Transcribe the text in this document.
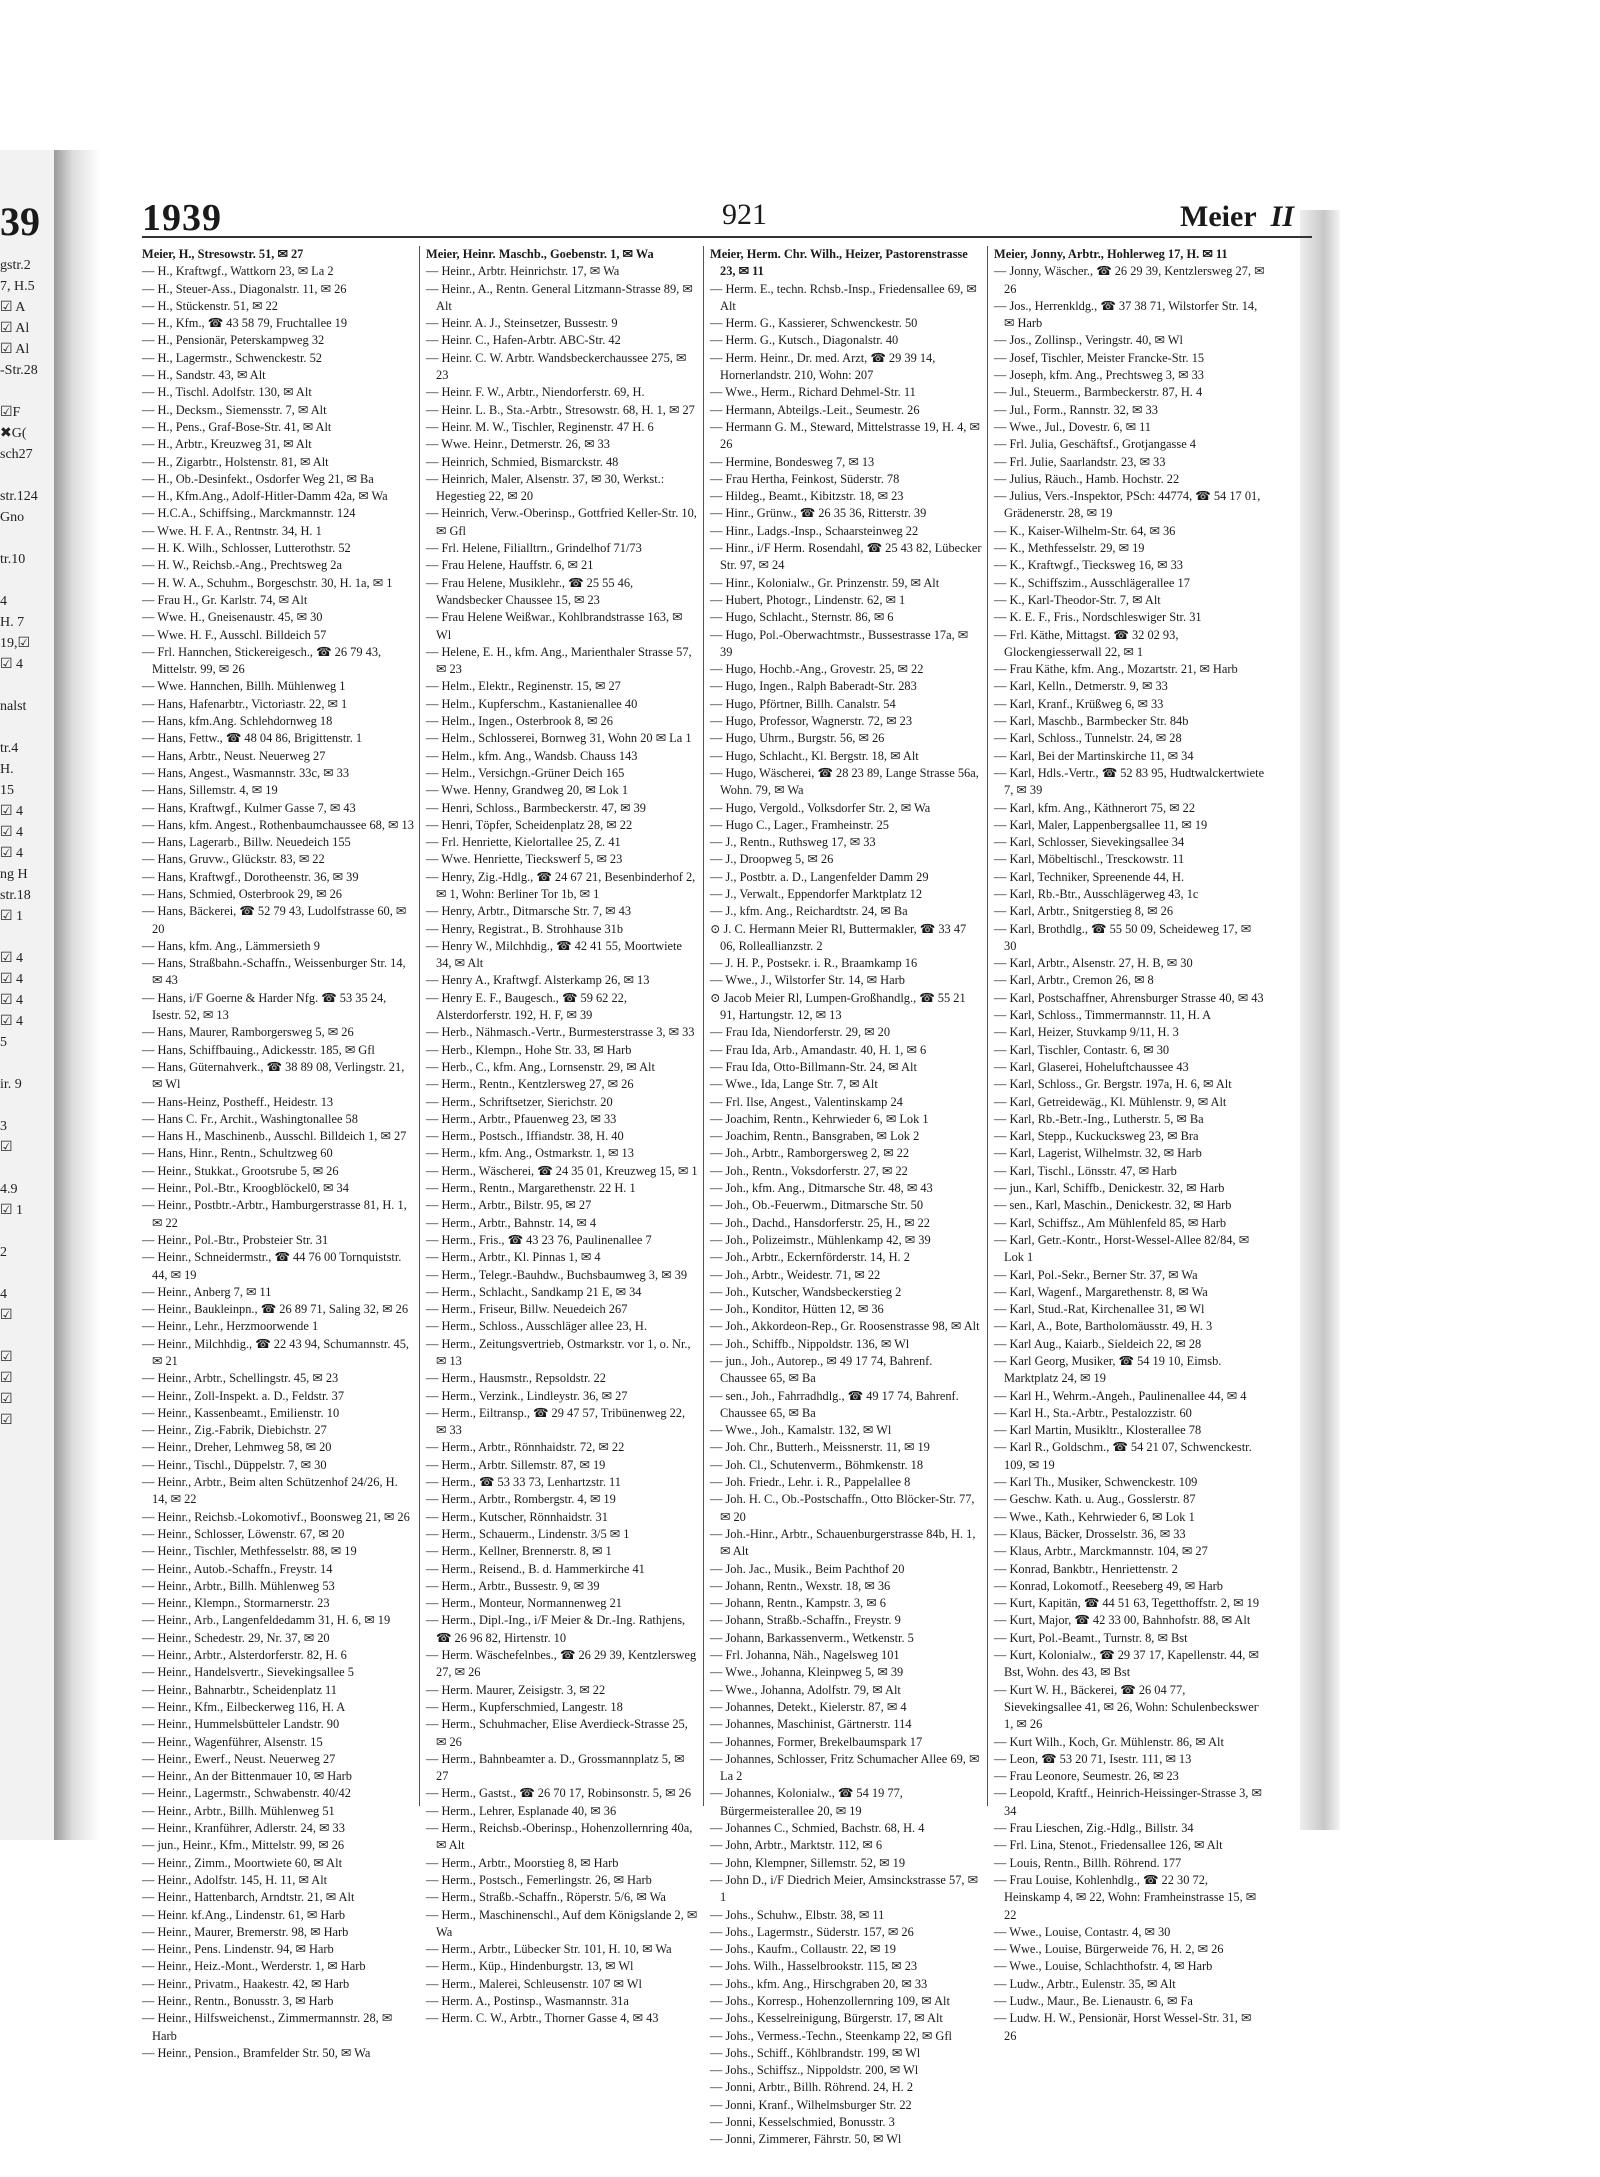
39
gstr.2
7, H.5
☑ A
☑ Al
☑ Al
-Str.28

☑F
✖G(
sch27

str.124
Gno

tr.10

4
H. 7
19,☑
☑ 4

nalst

tr.4
H.
15
☑ 4
☑ 4
☑ 4
ng H
str.18
☑ 1

☑ 4
☑ 4
☑ 4
☑ 4
5

ir. 9

3
☑

4.9
☑ 1

2

4
☑

☑
☑
☑
☑
1939	921	Meier II

Meier, H., Stresowstr. 51, ✉ 27

— H., Kraftwgf., Wattkorn 23, ✉ La 2

— H., Steuer-Ass., Diagonalstr. 11, ✉ 26

— H., Stückenstr. 51, ✉ 22

— H., Kfm., ☎ 43 58 79, Fruchtallee 19

— H., Pensionär, Peterskampweg 32

— H., Lagermstr., Schwenckestr. 52

— H., Sandstr. 43, ✉ Alt

— H., Tischl. Adolfstr. 130, ✉ Alt

— H., Decksm., Siemensstr. 7, ✉ Alt

— H., Pens., Graf-Bose-Str. 41, ✉ Alt

— H., Arbtr., Kreuzweg 31, ✉ Alt

— H., Zigarbtr., Holstenstr. 81, ✉ Alt

— H., Ob.-Desinfekt., Osdorfer Weg 21, ✉ Ba

— H., Kfm.Ang., Adolf-Hitler-Damm 42a, ✉ Wa

— H.C.A., Schiffsing., Marckmannstr. 124

— Wwe. H. F. A., Rentnstr. 34, H. 1

— H. K. Wilh., Schlosser, Lutterothstr. 52

— H. W., Reichsb.-Ang., Prechtsweg 2a

— H. W. A., Schuhm., Borgeschstr. 30, H. 1a, ✉ 1

— Frau H., Gr. Karlstr. 74, ✉ Alt

— Wwe. H., Gneisenaustr. 45, ✉ 30

— Wwe. H. F., Ausschl. Billdeich 57

— Frl. Hannchen, Stickereigesch., ☎ 26 79 43, Mittelstr. 99, ✉ 26

— Wwe. Hannchen, Billh. Mühlenweg 1

— Hans, Hafenarbtr., Victoriastr. 22, ✉ 1

— Hans, kfm.Ang. Schlehdornweg 18

— Hans, Fettw., ☎ 48 04 86, Brigittenstr. 1

— Hans, Arbtr., Neust. Neuerweg 27

— Hans, Angest., Wasmannstr. 33c, ✉ 33

— Hans, Sillemstr. 4, ✉ 19

— Hans, Kraftwgf., Kulmer Gasse 7, ✉ 43

— Hans, kfm. Angest., Rothenbaumchaussee 68, ✉ 13

— Hans, Lagerarb., Billw. Neuedeich 155

— Hans, Gruvw., Glückstr. 83, ✉ 22

— Hans, Kraftwgf., Dorotheenstr. 36, ✉ 39

— Hans, Schmied, Osterbrook 29, ✉ 26

— Hans, Bäckerei, ☎ 52 79 43, Ludolfstrasse 60, ✉ 20

— Hans, kfm. Ang., Lämmersieth 9

— Hans, Straßbahn.-Schaffn., Weissenburger Str. 14, ✉ 43

— Hans, i/F Goerne & Harder Nfg. ☎ 53 35 24, Isestr. 52, ✉ 13

— Hans, Maurer, Ramborgersweg 5, ✉ 26

— Hans, Schiffbauing., Adickesstr. 185, ✉ Gfl

— Hans, Güternahverk., ☎ 38 89 08, Verlingstr. 21, ✉ Wl

— Hans-Heinz, Postheff., Heidestr. 13

— Hans C. Fr., Archit., Washingtonallee 58

— Hans H., Maschinenb., Ausschl. Billdeich 1, ✉ 27

— Hans, Hinr., Rentn., Schultzweg 60

— Heinr., Stukkat., Grootsrube 5, ✉ 26

— Heinr., Pol.-Btr., Kroogblöckel0, ✉ 34

— Heinr., Postbtr.-Arbtr., Hamburgerstrasse 81, H. 1, ✉ 22

— Heinr., Pol.-Btr., Probsteier Str. 31

— Heinr., Schneidermstr., ☎ 44 76 00 Tornquiststr. 44, ✉ 19

— Heinr., Anberg 7, ✉ 11

— Heinr., Baukleinpn., ☎ 26 89 71, Saling 32, ✉ 26

— Heinr., Lehr., Herzmoorwende 1

— Heinr., Milchhdig., ☎ 22 43 94, Schumannstr. 45, ✉ 21

— Heinr., Arbtr., Schellingstr. 45, ✉ 23

— Heinr., Zoll-Inspekt. a. D., Feldstr. 37

— Heinr., Kassenbeamt., Emilienstr. 10

— Heinr., Zig.-Fabrik, Diebichstr. 27

— Heinr., Dreher, Lehmweg 58, ✉ 20

— Heinr., Tischl., Düppelstr. 7, ✉ 30

— Heinr., Arbtr., Beim alten Schützenhof 24/26, H. 14, ✉ 22

— Heinr., Reichsb.-Lokomotivf., Boonsweg 21, ✉ 26

— Heinr., Schlosser, Löwenstr. 67, ✉ 20

— Heinr., Tischler, Methfesselstr. 88, ✉ 19

— Heinr., Autob.-Schaffn., Freystr. 14

— Heinr., Arbtr., Billh. Mühlenweg 53

— Heinr., Klempn., Stormarnerstr. 23

— Heinr., Arb., Langenfeldedamm 31, H. 6, ✉ 19

— Heinr., Schedestr. 29, Nr. 37, ✉ 20

— Heinr., Arbtr., Alsterdorferstr. 82, H. 6

— Heinr., Handelsvertr., Sievekingsallee 5

— Heinr., Bahnarbtr., Scheidenplatz 11

— Heinr., Kfm., Eilbeckerweg 116, H. A

— Heinr., Hummelsbütteler Landstr. 90

— Heinr., Wagenführer, Alsenstr. 15

— Heinr., Ewerf., Neust. Neuerweg 27

— Heinr., An der Bittenmauer 10, ✉ Harb

— Heinr., Lagermstr., Schwabenstr. 40/42

— Heinr., Arbtr., Billh. Mühlenweg 51

— Heinr., Kranführer, Adlerstr. 24, ✉ 33

— jun., Heinr., Kfm., Mittelstr. 99, ✉ 26

— Heinr., Zimm., Moortwiete 60, ✉ Alt

— Heinr., Adolfstr. 145, H. 11, ✉ Alt

— Heinr., Hattenbarch, Arndtstr. 21, ✉ Alt

— Heinr. kf.Ang., Lindenstr. 61, ✉ Harb

— Heinr., Maurer, Bremerstr. 98, ✉ Harb

— Heinr., Pens. Lindenstr. 94, ✉ Harb

— Heinr., Heiz.-Mont., Werderstr. 1, ✉ Harb

— Heinr., Privatm., Haakestr. 42, ✉ Harb

— Heinr., Rentn., Bonusstr. 3, ✉ Harb

— Heinr., Hilfsweichenst., Zimmermannstr. 28, ✉ Harb

— Heinr., Pension., Bramfelder Str. 50, ✉ Wa

Meier, Heinr. Maschb., Goebenstr. 1, ✉ Wa

— Heinr., Arbtr. Heinrichstr. 17, ✉ Wa

— Heinr., A., Rentn. General Litzmann-Strasse 89, ✉ Alt

— Heinr. A. J., Steinsetzer, Bussestr. 9

— Heinr. C., Hafen-Arbtr. ABC-Str. 42

— Heinr. C. W. Arbtr. Wandsbeckerchaussee 275, ✉ 23

— Heinr. F. W., Arbtr., Niendorferstr. 69, H.

— Heinr. L. B., Sta.-Arbtr., Stresowstr. 68, H. 1, ✉ 27

— Heinr. M. W., Tischler, Reginenstr. 47 H. 6

— Wwe. Heinr., Detmerstr. 26, ✉ 33

— Heinrich, Schmied, Bismarckstr. 48

— Heinrich, Maler, Alsenstr. 37, ✉ 30, Werkst.: Hegestieg 22, ✉ 20

— Heinrich, Verw.-Oberinsp., Gottfried Keller-Str. 10, ✉ Gfl

— Frl. Helene, Filialltrn., Grindelhof 71/73

— Frau Helene, Hauffstr. 6, ✉ 21

— Frau Helene, Musiklehr., ☎ 25 55 46, Wandsbecker Chaussee 15, ✉ 23

— Frau Helene Weißwar., Kohlbrandstrasse 163, ✉ Wl

— Helene, E. H., kfm. Ang., Marienthaler Strasse 57, ✉ 23

— Helm., Elektr., Reginenstr. 15, ✉ 27

— Helm., Kupferschm., Kastanienallee 40

— Helm., Ingen., Osterbrook 8, ✉ 26

— Helm., Schlosserei, Bornweg 31, Wohn 20 ✉ La 1

— Helm., kfm. Ang., Wandsb. Chauss 143

— Helm., Versichgn.-Grüner Deich 165

— Wwe. Henny, Grandweg 20, ✉ Lok 1

— Henri, Schloss., Barmbeckerstr. 47, ✉ 39

— Henri, Töpfer, Scheidenplatz 28, ✉ 22

— Frl. Henriette, Kielortallee 25, Z. 41

— Wwe. Henriette, Tieckswerf 5, ✉ 23

— Henry, Zig.-Hdlg., ☎ 24 67 21, Besenbinderhof 2, ✉ 1, Wohn: Berliner Tor 1b, ✉ 1

— Henry, Arbtr., Ditmarsche Str. 7, ✉ 43

— Henry, Registrat., B. Strohhause 31b

— Henry W., Milchhdig., ☎ 42 41 55, Moortwiete 34, ✉ Alt

— Henry A., Kraftwgf. Alsterkamp 26, ✉ 13

— Henry E. F., Baugesch., ☎ 59 62 22, Alsterdorferstr. 192, H. F, ✉ 39

— Herb., Nähmasch.-Vertr., Burmesterstrasse 3, ✉ 33

— Herb., Klempn., Hohe Str. 33, ✉ Harb

— Herb., C., kfm. Ang., Lornsenstr. 29, ✉ Alt

— Herm., Rentn., Kentzlersweg 27, ✉ 26

— Herm., Schriftsetzer, Sierichstr. 20

— Herm., Arbtr., Pfauenweg 23, ✉ 33

— Herm., Postsch., Iffiandstr. 38, H. 40

— Herm., kfm. Ang., Ostmarkstr. 1, ✉ 13

— Herm., Wäscherei, ☎ 24 35 01, Kreuzweg 15, ✉ 1

— Herm., Rentn., Margarethenstr. 22 H. 1

— Herm., Arbtr., Bilstr. 95, ✉ 27

— Herm., Arbtr., Bahnstr. 14, ✉ 4

— Herm., Fris., ☎ 43 23 76, Paulinenallee 7

— Herm., Arbtr., Kl. Pinnas 1, ✉ 4

— Herm., Telegr.-Bauhdw., Buchsbaumweg 3, ✉ 39

— Herm., Schlacht., Sandkamp 21 E, ✉ 34

— Herm., Friseur, Billw. Neuedeich 267

— Herm., Schloss., Ausschläger allee 23, H.

— Herm., Zeitungsvertrieb, Ostmarkstr. vor 1, o. Nr., ✉ 13

— Herm., Hausmstr., Repsoldstr. 22

— Herm., Verzink., Lindleystr. 36, ✉ 27

— Herm., Eiltransp., ☎ 29 47 57, Tribünenweg 22, ✉ 33

— Herm., Arbtr., Rönnhaidstr. 72, ✉ 22

— Herm., Arbtr. Sillemstr. 87, ✉ 19

— Herm., ☎ 53 33 73, Lenhartzstr. 11

— Herm., Arbtr., Rombergstr. 4, ✉ 19

— Herm., Kutscher, Rönnhaidstr. 31

— Herm., Schauerm., Lindenstr. 3/5 ✉ 1

— Herm., Kellner, Brennerstr. 8, ✉ 1

— Herm., Reisend., B. d. Hammerkirche 41

— Herm., Arbtr., Bussestr. 9, ✉ 39

— Herm., Monteur, Normannenweg 21

— Herm., Dipl.-Ing., i/F Meier & Dr.-Ing. Rathjens, ☎ 26 96 82, Hirtenstr. 10

— Herm. Wäschefelnbes., ☎ 26 29 39, Kentzlersweg 27, ✉ 26

— Herm. Maurer, Zeisigstr. 3, ✉ 22

— Herm., Kupferschmied, Langestr. 18

— Herm., Schuhmacher, Elise Averdieck-Strasse 25, ✉ 26

— Herm., Bahnbeamter a. D., Grossmannplatz 5, ✉ 27

— Herm., Gastst., ☎ 26 70 17, Robinsonstr. 5, ✉ 26

— Herm., Lehrer, Esplanade 40, ✉ 36

— Herm., Reichsb.-Oberinsp., Hohenzollernring 40a, ✉ Alt

— Herm., Arbtr., Moorstieg 8, ✉ Harb

— Herm., Postsch., Femerlingstr. 26, ✉ Harb

— Herm., Straßb.-Schaffn., Röperstr. 5/6, ✉ Wa

— Herm., Maschinenschl., Auf dem Königslande 2, ✉ Wa

— Herm., Arbtr., Lübecker Str. 101, H. 10, ✉ Wa

— Herm., Küp., Hindenburgstr. 13, ✉ Wl

— Herm., Malerei, Schleusenstr. 107 ✉ Wl

— Herm. A., Postinsp., Wasmannstr. 31a

— Herm. C. W., Arbtr., Thorner Gasse 4, ✉ 43

Meier, Herm. Chr. Wilh., Heizer, Pastorenstrasse 23, ✉ 11

— Herm. E., techn. Rchsb.-Insp., Friedensallee 69, ✉ Alt

— Herm. G., Kassierer, Schwenckestr. 50

— Herm. G., Kutsch., Diagonalstr. 40

— Herm. Heinr., Dr. med. Arzt, ☎ 29 39 14, Hornerlandstr. 210, Wohn: 207

— Wwe., Herm., Richard Dehmel-Str. 11

— Hermann, Abteilgs.-Leit., Seumestr. 26

— Hermann G. M., Steward, Mittelstrasse 19, H. 4, ✉ 26

— Hermine, Bondesweg 7, ✉ 13

— Frau Hertha, Feinkost, Süderstr. 78

— Hildeg., Beamt., Kibitzstr. 18, ✉ 23

— Hinr., Grünw., ☎ 26 35 36, Ritterstr. 39

— Hinr., Ladgs.-Insp., Schaarsteinweg 22

— Hinr., i/F Herm. Rosendahl, ☎ 25 43 82, Lübecker Str. 97, ✉ 24

— Hinr., Kolonialw., Gr. Prinzenstr. 59, ✉ Alt

— Hubert, Photogr., Lindenstr. 62, ✉ 1

— Hugo, Schlacht., Sternstr. 86, ✉ 6

— Hugo, Pol.-Oberwachtmstr., Bussestrasse 17a, ✉ 39

— Hugo, Hochb.-Ang., Grovestr. 25, ✉ 22

— Hugo, Ingen., Ralph Baberadt-Str. 283

— Hugo, Pförtner, Billh. Canalstr. 54

— Hugo, Professor, Wagnerstr. 72, ✉ 23

— Hugo, Uhrm., Burgstr. 56, ✉ 26

— Hugo, Schlacht., Kl. Bergstr. 18, ✉ Alt

— Hugo, Wäscherei, ☎ 28 23 89, Lange Strasse 56a, Wohn. 79, ✉ Wa

— Hugo, Vergold., Volksdorfer Str. 2, ✉ Wa

— Hugo C., Lager., Framheinstr. 25

— J., Rentn., Ruthsweg 17, ✉ 33

— J., Droopweg 5, ✉ 26

— J., Postbtr. a. D., Langenfelder Damm 29

— J., Verwalt., Eppendorfer Marktplatz 12

— J., kfm. Ang., Reichardtstr. 24, ✉ Ba

⊙ J. C. Hermann Meier Rl, Buttermakler, ☎ 33 47 06, Rolleallianzstr. 2

— J. H. P., Postsekr. i. R., Braamkamp 16

— Wwe., J., Wilstorfer Str. 14, ✉ Harb

⊙ Jacob Meier Rl, Lumpen-Großhandlg., ☎ 55 21 91, Hartungstr. 12, ✉ 13

— Frau Ida, Niendorferstr. 29, ✉ 20

— Frau Ida, Arb., Amandastr. 40, H. 1, ✉ 6

— Frau Ida, Otto-Billmann-Str. 24, ✉ Alt

— Wwe., Ida, Lange Str. 7, ✉ Alt

— Frl. Ilse, Angest., Valentinskamp 24

— Joachim, Rentn., Kehrwieder 6, ✉ Lok 1

— Joachim, Rentn., Bansgraben, ✉ Lok 2

— Joh., Arbtr., Ramborgersweg 2, ✉ 22

— Joh., Rentn., Voksdorferstr. 27, ✉ 22

— Joh., kfm. Ang., Ditmarsche Str. 48, ✉ 43

— Joh., Ob.-Feuerwm., Ditmarsche Str. 50

— Joh., Dachd., Hansdorferstr. 25, H., ✉ 22

— Joh., Polizeimstr., Mühlenkamp 42, ✉ 39

— Joh., Arbtr., Eckernförderstr. 14, H. 2

— Joh., Arbtr., Weidestr. 71, ✉ 22

— Joh., Kutscher, Wandsbeckerstieg 2

— Joh., Konditor, Hütten 12, ✉ 36

— Joh., Akkordeon-Rep., Gr. Roosenstrasse 98, ✉ Alt

— Joh., Schiffb., Nippoldstr. 136, ✉ Wl

— jun., Joh., Autorep., ✉ 49 17 74, Bahrenf. Chaussee 65, ✉ Ba

— sen., Joh., Fahrradhdlg., ☎ 49 17 74, Bahrenf. Chaussee 65, ✉ Ba

— Wwe., Joh., Kamalstr. 132, ✉ Wl

— Joh. Chr., Butterh., Meissnerstr. 11, ✉ 19

— Joh. Cl., Schutenverm., Böhmkenstr. 18

— Joh. Friedr., Lehr. i. R., Pappelallee 8

— Joh. H. C., Ob.-Postschaffn., Otto Blöcker-Str. 77, ✉ 20

— Joh.-Hinr., Arbtr., Schauenburgerstrasse 84b, H. 1, ✉ Alt

— Joh. Jac., Musik., Beim Pachthof 20

— Johann, Rentn., Wexstr. 18, ✉ 36

— Johann, Rentn., Kampstr. 3, ✉ 6

— Johann, Straßb.-Schaffn., Freystr. 9

— Johann, Barkassenverm., Wetkenstr. 5

— Frl. Johanna, Näh., Nagelsweg 101

— Wwe., Johanna, Kleinpweg 5, ✉ 39

— Wwe., Johanna, Adolfstr. 79, ✉ Alt

— Johannes, Detekt., Kielerstr. 87, ✉ 4

— Johannes, Maschinist, Gärtnerstr. 114

— Johannes, Former, Brekelbaumspark 17

— Johannes, Schlosser, Fritz Schumacher Allee 69, ✉ La 2

— Johannes, Kolonialw., ☎ 54 19 77, Bürgermeisterallee 20, ✉ 19

— Johannes C., Schmied, Bachstr. 68, H. 4

— John, Arbtr., Marktstr. 112, ✉ 6

— John, Klempner, Sillemstr. 52, ✉ 19

— John D., i/F Diedrich Meier, Amsinckstrasse 57, ✉ 1

— Johs., Schuhw., Elbstr. 38, ✉ 11

— Johs., Lagermstr., Süderstr. 157, ✉ 26

— Johs., Kaufm., Collaustr. 22, ✉ 19

— Johs. Wilh., Hasselbrookstr. 115, ✉ 23

— Johs., kfm. Ang., Hirschgraben 20, ✉ 33

— Johs., Korresp., Hohenzollernring 109, ✉ Alt

— Johs., Kesselreinigung, Bürgerstr. 17, ✉ Alt

— Johs., Vermess.-Techn., Steenkamp 22, ✉ Gfl

— Johs., Schiff., Köhlbrandstr. 199, ✉ Wl

— Johs., Schiffsz., Nippoldstr. 200, ✉ Wl

— Jonni, Arbtr., Billh. Röhrend. 24, H. 2

— Jonni, Kranf., Wilhelmsburger Str. 22

— Jonni, Kesselschmied, Bonusstr. 3

— Jonni, Zimmerer, Fährstr. 50, ✉ Wl

Meier, Jonny, Arbtr., Hohlerweg 17, H. ✉ 11

— Jonny, Wäscher., ☎ 26 29 39, Kentzlersweg 27, ✉ 26

— Jos., Herrenkldg., ☎ 37 38 71, Wilstorfer Str. 14, ✉ Harb

— Jos., Zollinsp., Veringstr. 40, ✉ Wl

— Josef, Tischler, Meister Francke-Str. 15

— Joseph, kfm. Ang., Prechtsweg 3, ✉ 33

— Jul., Steuerm., Barmbeckerstr. 87, H. 4

— Jul., Form., Rannstr. 32, ✉ 33

— Wwe., Jul., Dovestr. 6, ✉ 11

— Frl. Julia, Geschäftsf., Grotjangasse 4

— Frl. Julie, Saarlandstr. 23, ✉ 33

— Julius, Räuch., Hamb. Hochstr. 22

— Julius, Vers.-Inspektor, PSch: 44774, ☎ 54 17 01, Grädenerstr. 28, ✉ 19

— K., Kaiser-Wilhelm-Str. 64, ✉ 36

— K., Methfesselstr. 29, ✉ 19

— K., Kraftwgf., Tiecksweg 16, ✉ 33

— K., Schiffszim., Ausschlägerallee 17

— K., Karl-Theodor-Str. 7, ✉ Alt

— K. E. F., Fris., Nordschleswiger Str. 31

— Frl. Käthe, Mittagst. ☎ 32 02 93, Glockengiesserwall 22, ✉ 1

— Frau Käthe, kfm. Ang., Mozartstr. 21, ✉ Harb

— Karl, Kelln., Detmerstr. 9, ✉ 33

— Karl, Kranf., Krüßweg 6, ✉ 33

— Karl, Maschb., Barmbecker Str. 84b

— Karl, Schloss., Tunnelstr. 24, ✉ 28

— Karl, Bei der Martinskirche 11, ✉ 34

— Karl, Hdls.-Vertr., ☎ 52 83 95, Hudtwalckertwiete 7, ✉ 39

— Karl, kfm. Ang., Käthnerort 75, ✉ 22

— Karl, Maler, Lappenbergsallee 11, ✉ 19

— Karl, Schlosser, Sievekingsallee 34

— Karl, Möbeltischl., Tresckowstr. 11

— Karl, Techniker, Spreenende 44, H.

— Karl, Rb.-Btr., Ausschlägerweg 43, 1c

— Karl, Arbtr., Snitgerstieg 8, ✉ 26

— Karl, Brothdlg., ☎ 55 50 09, Scheideweg 17, ✉ 30

— Karl, Arbtr., Alsenstr. 27, H. B, ✉ 30

— Karl, Arbtr., Cremon 26, ✉ 8

— Karl, Postschaffner, Ahrensburger Strasse 40, ✉ 43

— Karl, Schloss., Timmermannstr. 11, H. A

— Karl, Heizer, Stuvkamp 9/11, H. 3

— Karl, Tischler, Contastr. 6, ✉ 30

— Karl, Glaserei, Hoheluftchaussee 43

— Karl, Schloss., Gr. Bergstr. 197a, H. 6, ✉ Alt

— Karl, Getreidewäg., Kl. Mühlenstr. 9, ✉ Alt

— Karl, Rb.-Betr.-Ing., Lutherstr. 5, ✉ Ba

— Karl, Stepp., Kuckucksweg 23, ✉ Bra

— Karl, Lagerist, Wilhelmstr. 32, ✉ Harb

— Karl, Tischl., Lönsstr. 47, ✉ Harb

— jun., Karl, Schiffb., Denickestr. 32, ✉ Harb

— sen., Karl, Maschin., Denickestr. 32, ✉ Harb

— Karl, Schiffsz., Am Mühlenfeld 85, ✉ Harb

— Karl, Getr.-Kontr., Horst-Wessel-Allee 82/84, ✉ Lok 1

— Karl, Pol.-Sekr., Berner Str. 37, ✉ Wa

— Karl, Wagenf., Margarethenstr. 8, ✉ Wa

— Karl, Stud.-Rat, Kirchenallee 31, ✉ Wl

— Karl, A., Bote, Bartholomäusstr. 49, H. 3

— Karl Aug., Kaiarb., Sieldeich 22, ✉ 28

— Karl Georg, Musiker, ☎ 54 19 10, Eimsb. Marktplatz 24, ✉ 19

— Karl H., Wehrm.-Angeh., Paulinenallee 44, ✉ 4

— Karl H., Sta.-Arbtr., Pestalozzistr. 60

— Karl Martin, Musikltr., Klosterallee 78

— Karl R., Goldschm., ☎ 54 21 07, Schwenckestr. 109, ✉ 19

— Karl Th., Musiker, Schwenckestr. 109

— Geschw. Kath. u. Aug., Gosslerstr. 87

— Wwe., Kath., Kehrwieder 6, ✉ Lok 1

— Klaus, Bäcker, Drosselstr. 36, ✉ 33

— Klaus, Arbtr., Marckmannstr. 104, ✉ 27

— Konrad, Bankbtr., Henriettenstr. 2

— Konrad, Lokomotf., Reeseberg 49, ✉ Harb

— Kurt, Kapitän, ☎ 44 51 63, Tegetthoffstr. 2, ✉ 19

— Kurt, Major, ☎ 42 33 00, Bahnhofstr. 88, ✉ Alt

— Kurt, Pol.-Beamt., Turnstr. 8, ✉ Bst

— Kurt, Kolonialw., ☎ 29 37 17, Kapellenstr. 44, ✉ Bst, Wohn. des 43, ✉ Bst

— Kurt W. H., Bäckerei, ☎ 26 04 77, Sievekingsallee 41, ✉ 26, Wohn: Schulenbeckswег 1, ✉ 26

— Kurt Wilh., Koch, Gr. Mühlenstr. 86, ✉ Alt

— Leon, ☎ 53 20 71, Isestr. 111, ✉ 13

— Frau Leonore, Seumestr. 26, ✉ 23

— Leopold, Kraftf., Heinrich-Heissinger-Strasse 3, ✉ 34

— Frau Lieschen, Zig.-Hdlg., Billstr. 34

— Frl. Lina, Stenot., Friedensallee 126, ✉ Alt

— Louis, Rentn., Billh. Röhrend. 177

— Frau Louise, Kohlenhdlg., ☎ 22 30 72, Heinskamp 4, ✉ 22, Wohn: Framheinstrasse 15, ✉ 22

— Wwe., Louise, Contastr. 4, ✉ 30

— Wwe., Louise, Bürgerweide 76, H. 2, ✉ 26

— Wwe., Louise, Schlachthofstr. 4, ✉ Harb

— Ludw., Arbtr., Eulenstr. 35, ✉ Alt

— Ludw., Maur., Be. Lienaustr. 6, ✉ Fa

— Ludw. H. W., Pensionär, Horst Wessel-Str. 31, ✉ 26
